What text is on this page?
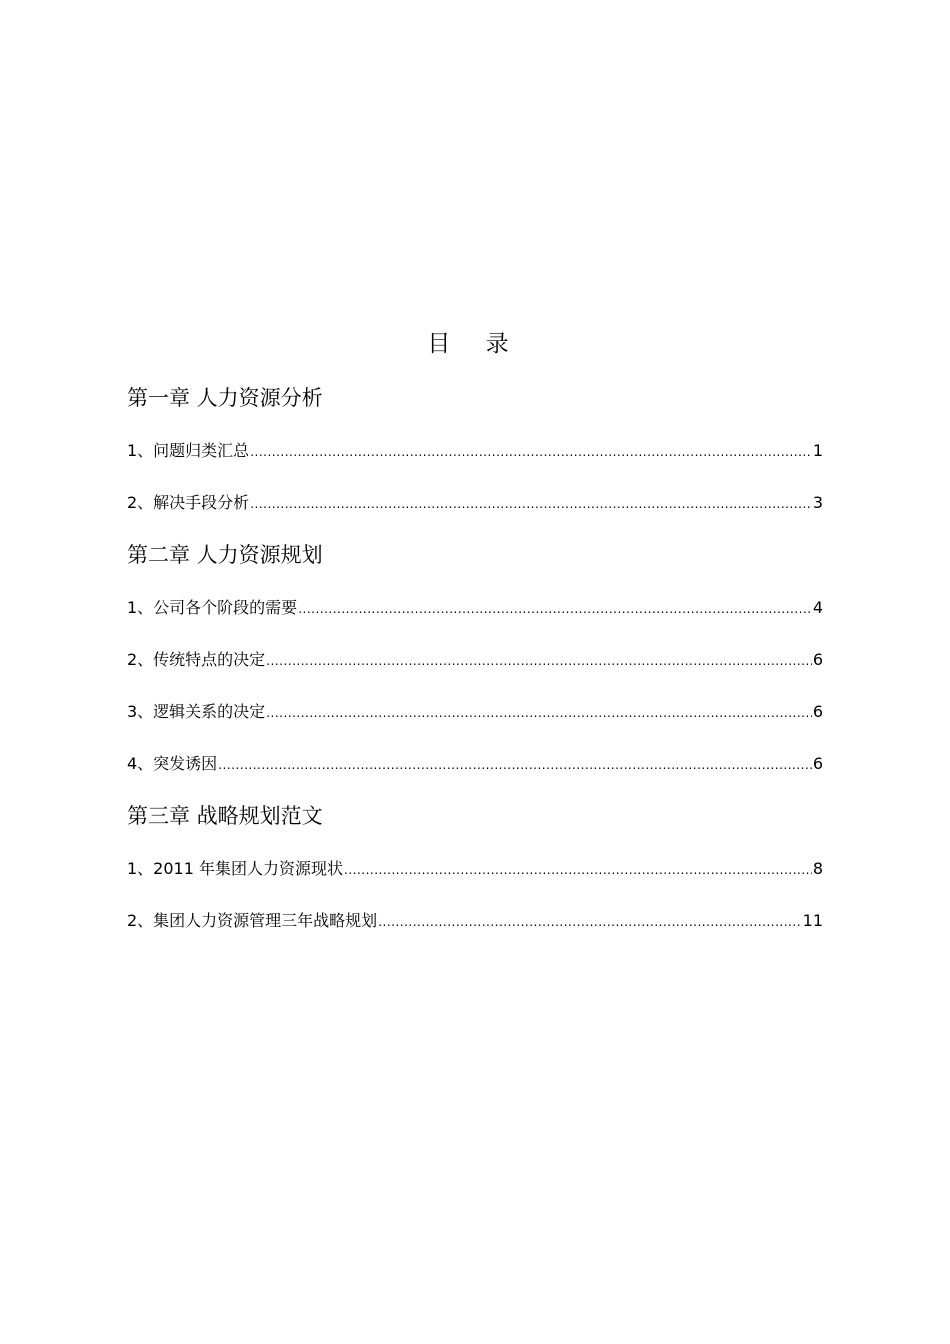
目 录
第一章 人力资源分析
1、问题归类汇总 .....	1
2、解决手段分析 .....	3
第二章 人力资源规划
1、公司各个阶段的需要 .....	4
2、传统特点的决定 .....	6
3、逻辑关系的决定 .....	6
4、突发诱因 .....	6
第三章 战略规划范文
1、2011 年集团人力资源现状 .....	8
2、集团人力资源管理三年战略规划 .....	11
